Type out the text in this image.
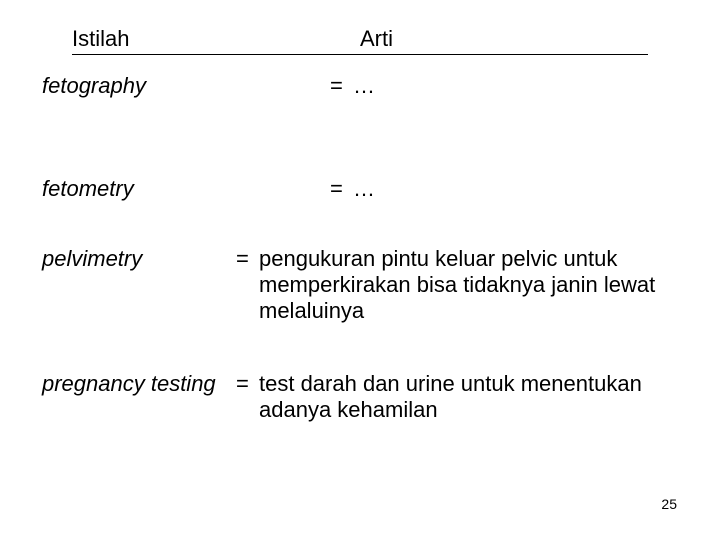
Istilah	Arti
fetography	= …
fetometry	= …
pelvimetry	= pengukuran pintu keluar pelvic untuk memperkirakan bisa tidaknya janin lewat melaluinya
pregnancy testing = test darah dan urine untuk menentukan adanya kehamilan
25
